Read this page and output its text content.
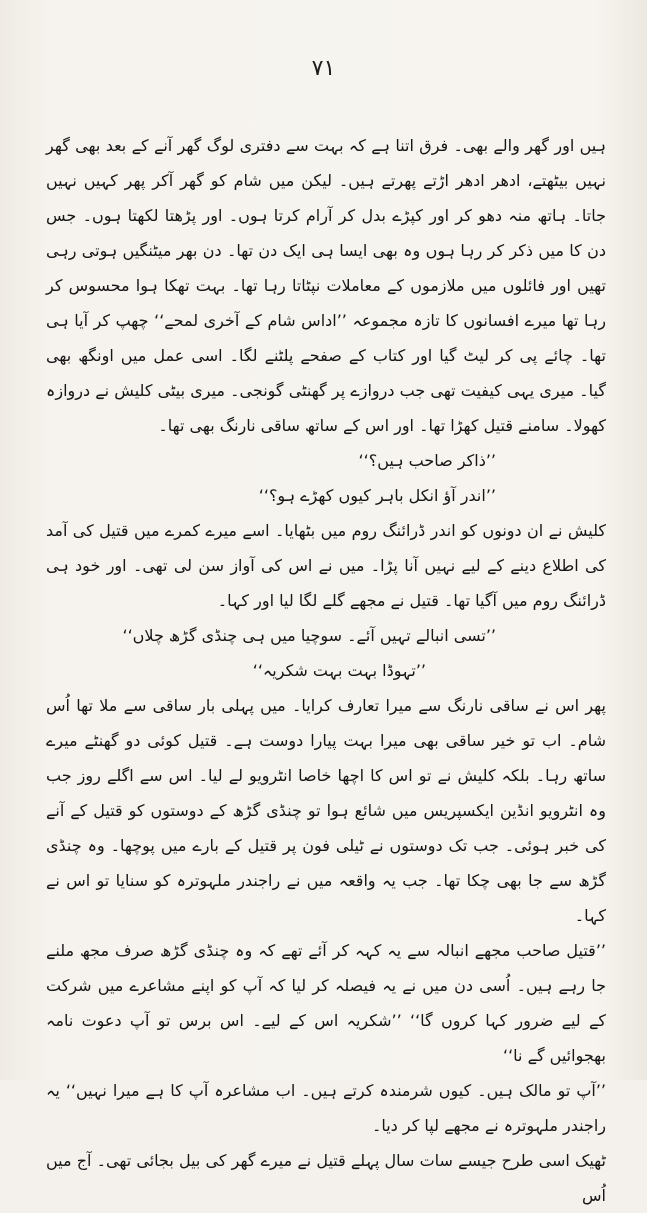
۷۱

ہیں اور گھر والے بھی۔ فرق اتنا ہے کہ بہت سے دفتری لوگ گھر آنے کے بعد بھی گھر نہیں بیٹھتے، ادھر ادھر اڑتے پھرتے ہیں۔ لیکن میں شام کو گھر آکر پھر کہیں نہیں جاتا۔ ہاتھ منہ دھو کر اور کپڑے بدل کر آرام کرتا ہوں۔ اور پڑھتا لکھتا ہوں۔ جس دن کا میں ذکر کر رہا ہوں وہ بھی ایسا ہی ایک دن تھا۔ دن بھر میٹنگیں ہوتی رہی تھیں اور فائلوں میں ملازموں کے معاملات نپٹاتا رہا تھا۔ بہت تھکا ہوا محسوس کر رہا تھا میرے افسانوں کا تازہ مجموعہ ’’اداس شام کے آخری لمحے‘‘ چھپ کر آیا ہی تھا۔ چائے پی کر لیٹ گیا اور کتاب کے صفحے پلٹنے لگا۔ اسی عمل میں اونگھ بھی گیا۔ میری یہی کیفیت تھی جب دروازے پر گھنٹی گونجی۔ میری بیٹی کلیش نے دروازہ کھولا۔ سامنے قتیل کھڑا تھا۔ اور اس کے ساتھ ساقی نارنگ بھی تھا۔

’’ذاکر صاحب ہیں؟‘‘

’’اندر آؤ انکل باہر کیوں کھڑے ہو؟‘‘

کلیش نے ان دونوں کو اندر ڈرائنگ روم میں بٹھایا۔ اسے میرے کمرے میں قتیل کی آمد کی اطلاع دینے کے لیے نہیں آنا پڑا۔ میں نے اس کی آواز سن لی تھی۔ اور خود ہی ڈرائنگ روم میں آگیا تھا۔ قتیل نے مجھے گلے لگا لیا اور کہا۔

’’تسی انبالے تہیں آئے۔ سوچیا میں ہی چنڈی گڑھ چلاں‘‘

’’تہوڈا بہت بہت شکریہ‘‘

پھر اس نے ساقی نارنگ سے میرا تعارف کرایا۔ میں پہلی بار ساقی سے ملا تھا اُس شام۔ اب تو خیر ساقی بھی میرا بہت پیارا دوست ہے۔ قتیل کوئی دو گھنٹے میرے ساتھ رہا۔ بلکہ کلیش نے تو اس کا اچھا خاصا انٹرویو لے لیا۔ اس سے اگلے روز جب وہ انٹرویو انڈین ایکسپریس میں شائع ہوا تو چنڈی گڑھ کے دوستوں کو قتیل کے آنے کی خبر ہوئی۔ جب تک دوستوں نے ٹیلی فون پر قتیل کے بارے میں پوچھا۔ وہ چنڈی گڑھ سے جا بھی چکا تھا۔ جب یہ واقعہ میں نے راجندر ملہوترہ کو سنایا تو اس نے کہا۔

’’قتیل صاحب مجھے انبالہ سے یہ کہہ کر آئے تھے کہ وہ چنڈی گڑھ صرف مجھ ملنے جا رہے ہیں۔ اُسی دن میں نے یہ فیصلہ کر لیا کہ آپ کو اپنے مشاعرے میں شرکت کے لیے ضرور کہا کروں گا‘‘ ’’شکریہ اس کے لیے۔ اس برس تو آپ دعوت نامہ بھجوائیں گے نا‘‘

’’آپ تو مالک ہیں۔ کیوں شرمندہ کرتے ہیں۔ اب مشاعرہ آپ کا ہے میرا نہیں‘‘ یہ راجندر ملہوترہ نے مجھے لپا کر دیا۔

ٹھیک اسی طرح جیسے سات سال پہلے قتیل نے میرے گھر کی بیل بجائی تھی۔ آج میں اُس
